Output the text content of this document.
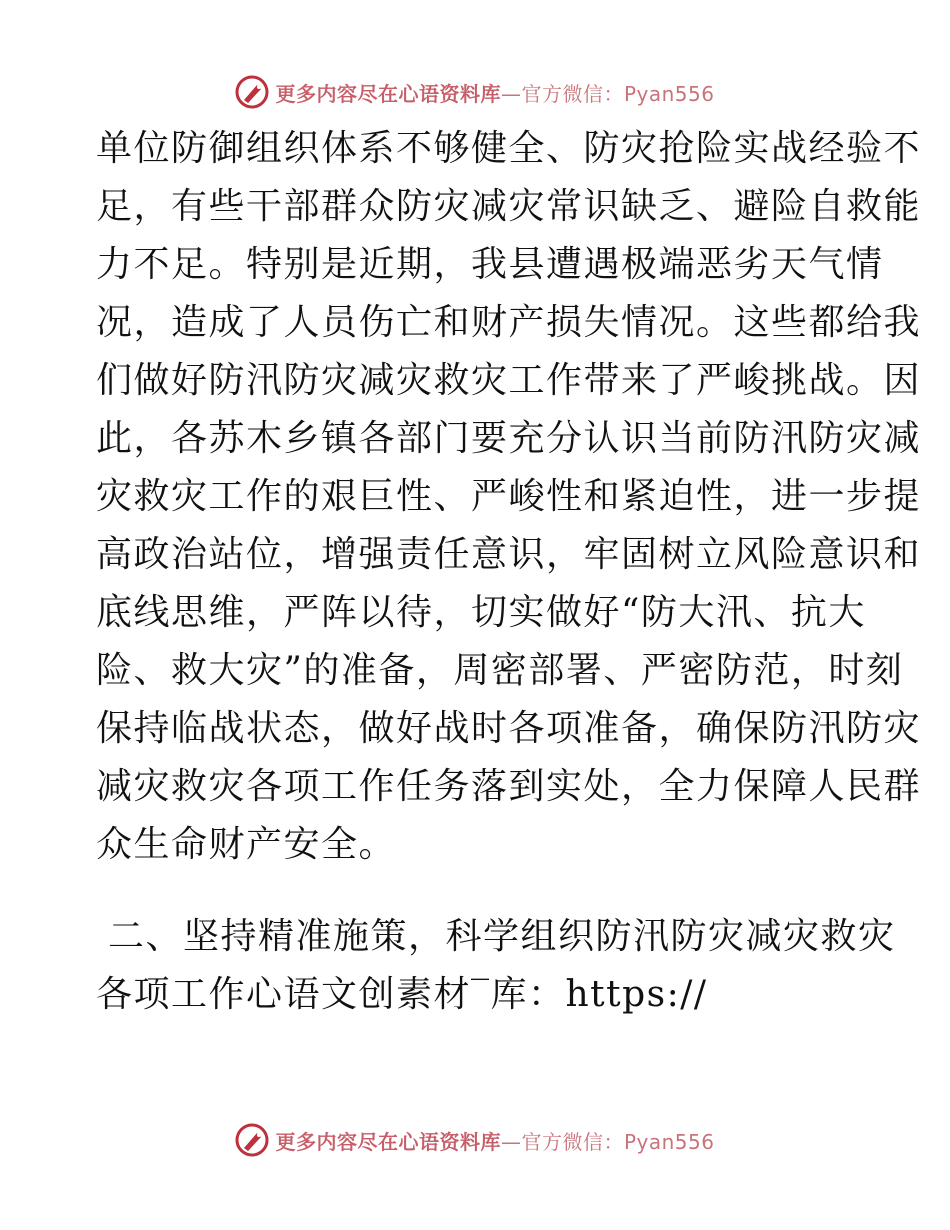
更多内容尽在心语资料库—官方微信：Pyan556
单位防御组织体系不够健全、防灾抢险实战经验不
足，有些干部群众防灾减灾常识缺乏、避险自救能
力不足。特别是近期，我县遭遇极端恶劣天气情
况，造成了人员伤亡和财产损失情况。这些都给我
们做好防汛防灾减灾救灾工作带来了严峻挑战。因
此，各苏木乡镇各部门要充分认识当前防汛防灾减
灾救灾工作的艰巨性、严峻性和紧迫性，进一步提
高政治站位，增强责任意识，牢固树立风险意识和
底线思维，严阵以待，切实做好“防大汛、抗大
险、救大灾”的准备，周密部署、严密防范，时刻
保持临战状态，做好战时各项准备，确保防汛防灾
减灾救灾各项工作任务落到实处，全力保障人民群
众生命财产安全。
二、坚持精准施策，科学组织防汛防灾减灾救灾
各项工作心语文创素材‾库：https://
更多内容尽在心语资料库—官方微信：Pyan556
